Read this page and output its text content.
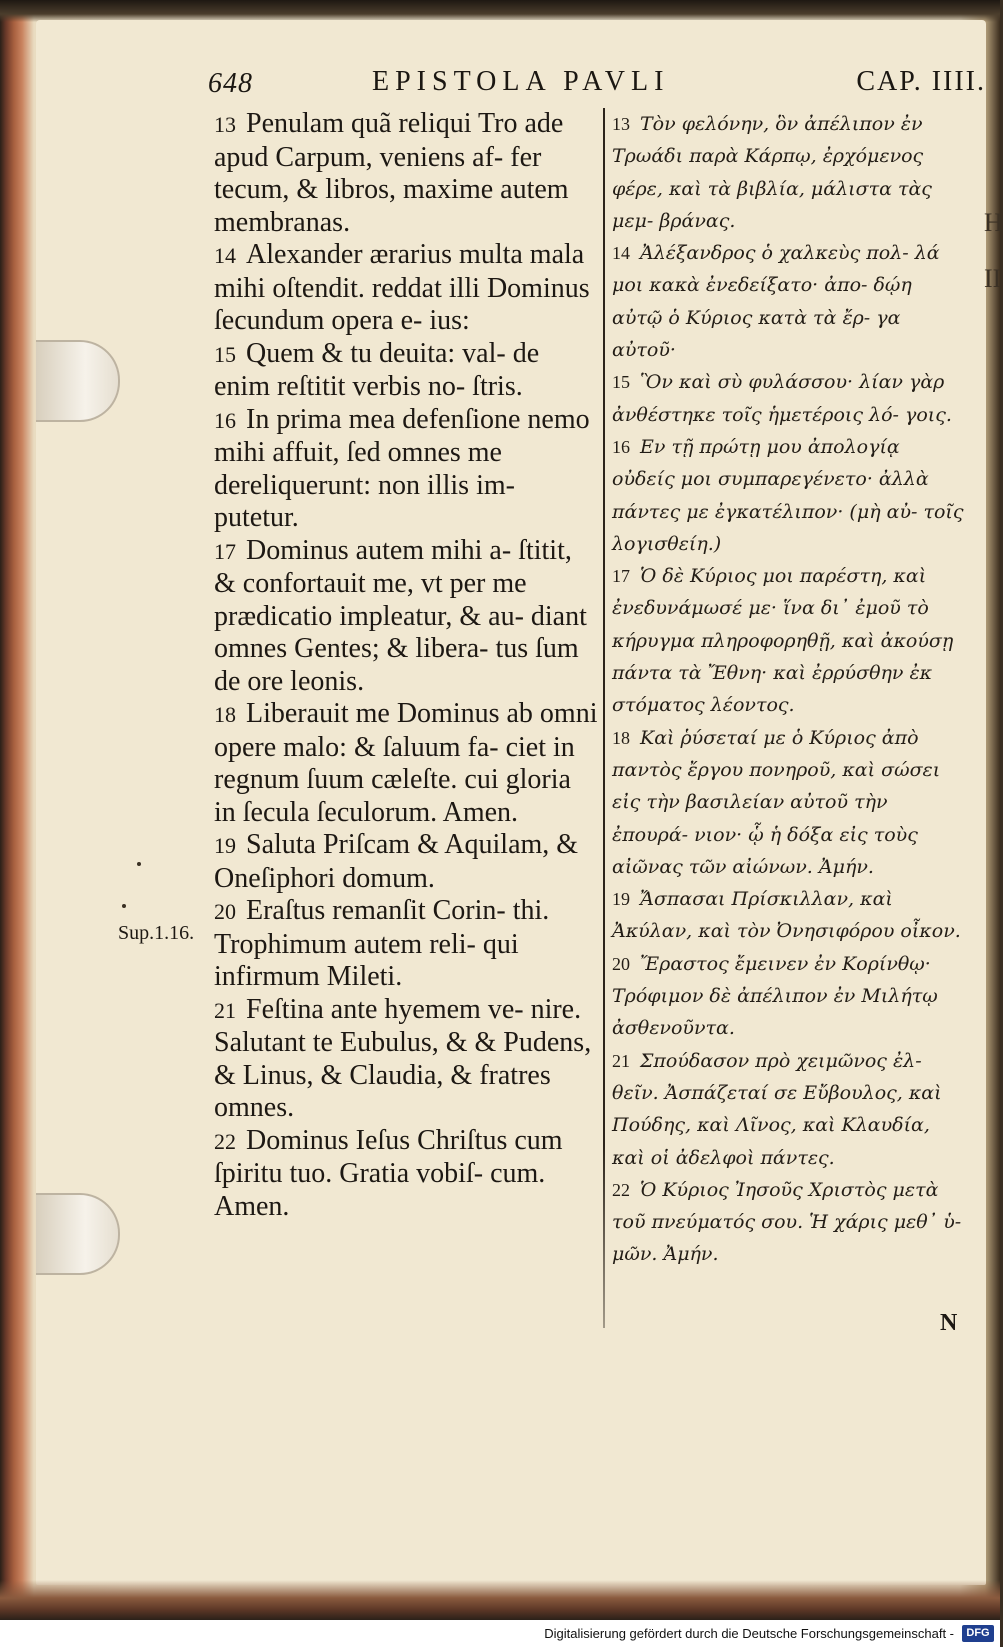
648	EPISTOLA PAVLI	CAP. IIII.
Sup.1.16.

13 Penulam quã reliqui Tro ade apud Carpum, veniens af- fer tecum, & libros, maxime autem membranas.

14 Alexander ærarius multa mala mihi oſtendit. reddat illi Dominus ſecundum opera e- ius:

15 Quem & tu deuita: val- de enim reſtitit verbis no- ſtris.

16 In prima mea defenſione nemo mihi affuit, ſed omnes me dereliquerunt: non illis im- putetur.

17 Dominus autem mihi a- ſtitit, & confortauit me, vt per me prædicatio impleatur, & au- diant omnes Gentes; & libera- tus ſum de ore leonis.

18 Liberauit me Dominus ab omni opere malo: & ſaluum fa- ciet in regnum ſuum cæleſte. cui gloria in ſecula ſeculorum. Amen.

19 Saluta Priſcam & Aquilam, & Oneſiphori domum.

20 Eraſtus remanſit Corin- thi. Trophimum autem reli- qui infirmum Mileti.

21 Feſtina ante hyemem ve- nire. Salutant te Eubulus, & & Pudens, & Linus, & Claudia, & fratres omnes.

22 Dominus Ieſus Chriſtus cum ſpiritu tuo. Gratia vobiſ- cum. Amen.

13 Τὸν φελόνην, ὃν ἀπέλιπον ἐν Τρωάδι παρὰ Κάρπῳ, ἐρχόμενος φέρε, καὶ τὰ βιβλία, μάλιστα τὰς μεμ- βράνας.

14 Ἀλέξανδρος ὁ χαλκεὺς πολ- λά μοι κακὰ ἐνεδείξατο· ἀπο- δῴη αὐτῷ ὁ Κύριος κατὰ τὰ ἔρ- γα αὐτοῦ·

15 Ὃν καὶ σὺ φυλάσσου· λίαν γὰρ ἀνθέστηκε τοῖς ἡμετέροις λό- γοις.

16 Εν τῇ πρώτῃ μου ἀπολογίᾳ οὐδείς μοι συμπαρεγένετο· ἀλλὰ πάντες με ἐγκατέλιπον· (μὴ αὐ- τοῖς λογισθείη.)

17 Ὁ δὲ Κύριος μοι παρέστη, καὶ ἐνεδυνάμωσέ με· ἵνα δι᾽ ἐμοῦ τὸ κήρυγμα πληροφορηθῇ, καὶ ἀκούσῃ πάντα τὰ Ἔθνη· καὶ ἐρρύσθην ἐκ στόματος λέοντος.

18 Καὶ ῥύσεταί με ὁ Κύριος ἀπὸ παντὸς ἔργου πονηροῦ, καὶ σώσει εἰς τὴν βασιλείαν αὐτοῦ τὴν ἐπουρά- νιον· ᾧ ἡ δόξα εἰς τοὺς αἰῶνας τῶν αἰώνων. Ἀμήν.

19 Ἄσπασαι Πρίσκιλλαν, καὶ Ἀκύλαν, καὶ τὸν Ὀνησιφόρου οἶκον.

20 Ἔραστος ἔμεινεν ἐν Κορίνθῳ· Τρόφιμον δὲ ἀπέλιπον ἐν Μιλήτῳ ἀσθενοῦντα.

21 Σπούδασον πρὸ χειμῶνος ἐλ- θεῖν. Ἀσπάζεταί σε Εὔβουλος, καὶ Πούδης, καὶ Λῖνος, καὶ Κλαυδία, καὶ οἱ ἀδελφοὶ πάντες.

22 Ὁ Κύριος Ἰησοῦς Χριστὸς μετὰ τοῦ πνεύματός σου. Ἡ χάρις μεθ᾽ ὑ- μῶν. Ἀμήν.

N
H
II
Digitalisierung gefördert durch die Deutsche Forschungsgemeinschaft -	DFG
